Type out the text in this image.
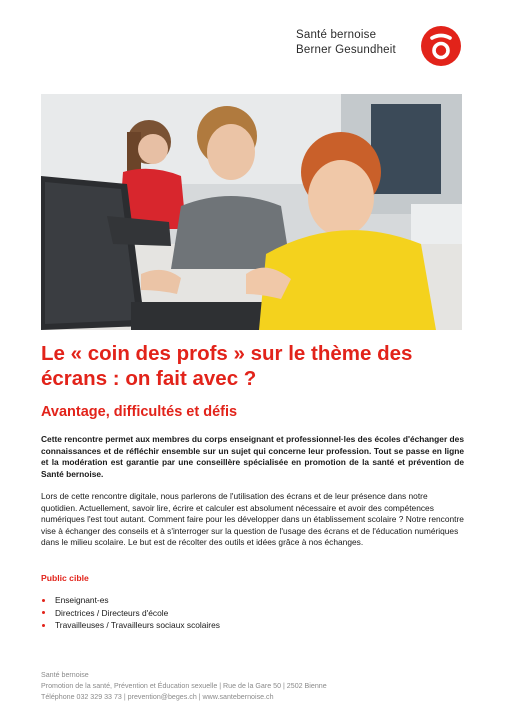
Santé bernoise
Berner Gesundheit
Le « coin des profs » sur le thème des écrans : on fait avec ?
Avantage, difficultés et défis

Cette rencontre permet aux membres du corps enseignant et professionnel·les des écoles d'échanger des connaissances et de réfléchir ensemble sur un sujet qui concerne leur profession. Tout se passe en ligne et la modération est garantie par une conseillère spécialisée en promotion de la santé et prévention de Santé bernoise.

Lors de cette rencontre digitale, nous parlerons de l'utilisation des écrans et de leur présence dans notre quotidien. Actuellement, savoir lire, écrire et calculer est absolument nécessaire et avoir des compétences numériques l'est tout autant. Comment faire pour les développer dans un établissement scolaire ? Notre rencontre vise à échanger des conseils et à s'interroger sur la question de l'usage des écrans et de l'éducation numériques dans le milieu scolaire. Le but est de récolter des outils et idées grâce à nos échanges.

Public cible
Enseignant-es
Directrices / Directeurs d'école
Travailleuses / Travailleurs sociaux scolaires
Santé bernoise
Promotion de la santé, Prévention et Éducation sexuelle | Rue de la Gare 50 | 2502 Bienne
Téléphone 032 329 33 73 | prevention@beges.ch | www.santebernoise.ch
